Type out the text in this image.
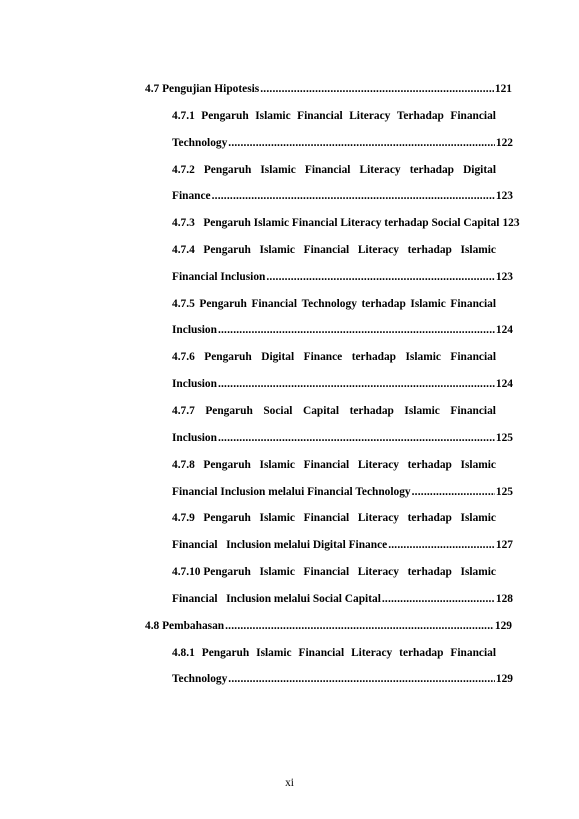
4.7 Pengujian Hipotesis .....	121
4.7.1 Pengaruh Islamic Financial Literacy Terhadap Financial
Technology .....	122
4.7.2 Pengaruh Islamic Financial Literacy terhadap Digital
Finance .....	123
4.7.3   Pengaruh Islamic Financial Literacy terhadap Social Capital 123
4.7.4 Pengaruh Islamic Financial Literacy terhadap Islamic
Financial Inclusion .....	123
4.7.5 Pengaruh Financial Technology terhadap Islamic Financial
Inclusion .....	124
4.7.6 Pengaruh Digital Finance terhadap Islamic Financial
Inclusion .....	124
4.7.7 Pengaruh Social Capital terhadap Islamic Financial
Inclusion .....	125
4.7.8 Pengaruh Islamic Financial Literacy terhadap Islamic
Financial Inclusion melalui Financial Technology .....	125
4.7.9 Pengaruh Islamic Financial Literacy terhadap Islamic
Financial   Inclusion melalui Digital Finance .....	127
4.7.10 Pengaruh Islamic Financial Literacy terhadap Islamic
Financial   Inclusion melalui Social Capital .....	128
4.8 Pembahasan .....	129
4.8.1 Pengaruh Islamic Financial Literacy terhadap Financial
Technology .....	129
xi
